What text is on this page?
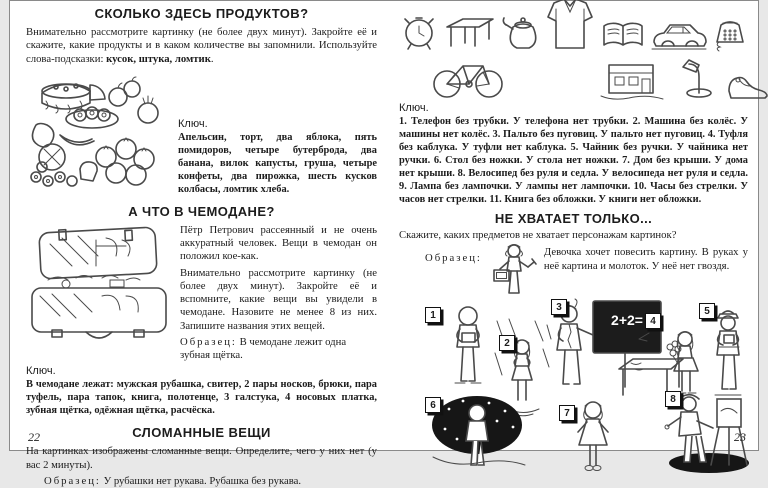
СКОЛЬКО ЗДЕСЬ ПРОДУКТОВ?

Внимательно рассмотрите картинку (не более двух минут). Закройте её и скажите, какие продукты и в каком количестве вы запомнили. Используйте слова-подсказки: кусок, штука, ломтик.

Ключ.
Апельсин, торт, два яблока, пять помидоров, четыре бутерброда, два банана, вилок капусты, груша, четыре конфеты, два пирожка, шесть кусков колбасы, ломтик хлеба.
А ЧТО В ЧЕМОДАНЕ?

Пётр Петрович рассеянный и не очень аккуратный человек. Вещи в чемодан он положил кое-как.

Внимательно рассмотрите картинку (не более двух минут). Закройте её и вспомните, какие вещи вы увидели в чемодане. Назовите не менее 8 из них. Запишите названия этих вещей.

Образец: В чемодане лежит одна зубная щётка.

Ключ.
В чемодане лежат: мужская рубашка, свитер, 2 пары носков, брюки, пара туфель, пара тапок, книга, полотенце, 3 галстука, 4 носовых платка, зубная щётка, одёжная щётка, расчёска.
СЛОМАННЫЕ ВЕЩИ

На картинках изображены сломанные вещи. Определите, чего у них нет (у вас 2 минуты).

Образец: У рубашки нет рукава. Рубашка без рукава.

22
Ключ.
1. Телефон без трубки. У телефона нет трубки. 2. Машина без колёс. У машины нет колёс. 3. Пальто без пуговиц. У пальто нет пуговиц. 4. Туфля без каблука. У туфли нет каблука. 5. Чайник без ручки. У чайника нет ручки. 6. Стол без ножки. У стола нет ножки. 7. Дом без крыши. У дома нет крыши. 8. Велосипед без руля и седла. У велосипеда нет руля и седла. 9. Лампа без лампочки. У лампы нет лампочки. 10. Часы без стрелки. У часов нет стрелки. 11. Книга без обложки. У книги нет обложки.
НЕ ХВАТАЕТ ТОЛЬКО...
Скажите, каких предметов не хватает персонажам картинок?
Образец:	Девочка хочет повесить картину. В руках у неё картина и молоток. У неё нет гвоздя.
1
2
3
2+2= 4
5
6
7
8
23
